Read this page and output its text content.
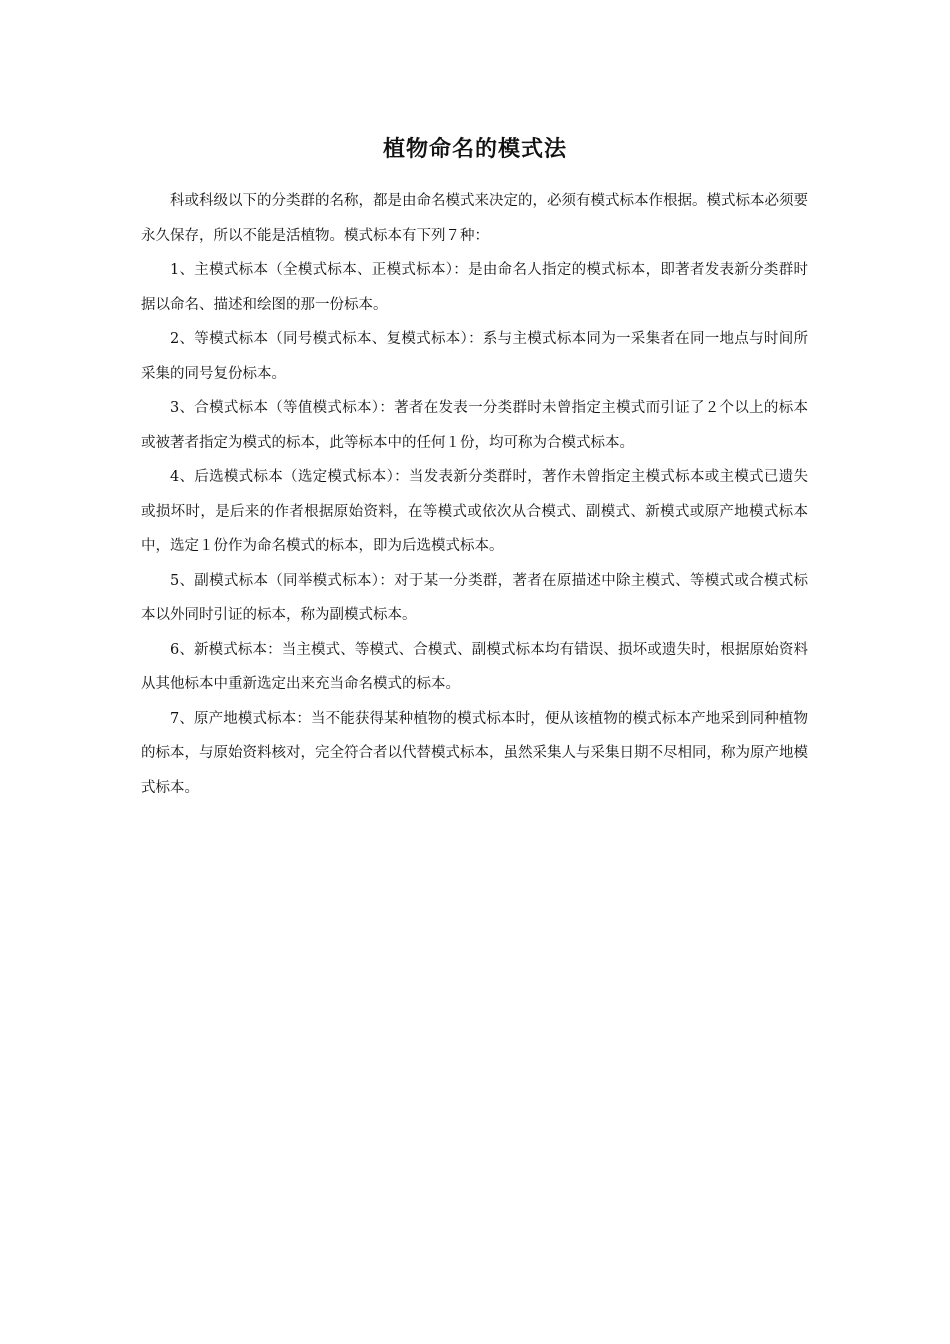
植物命名的模式法

科或科级以下的分类群的名称，都是由命名模式来决定的，必须有模式标本作根据。模式标本必须要永久保存，所以不能是活植物。模式标本有下列７种：

1、主模式标本（全模式标本、正模式标本）：是由命名人指定的模式标本，即著者发表新分类群时据以命名、描述和绘图的那一份标本。

2、等模式标本（同号模式标本、复模式标本）：系与主模式标本同为一采集者在同一地点与时间所采集的同号复份标本。

3、合模式标本（等值模式标本）：著者在发表一分类群时未曾指定主模式而引证了２个以上的标本或被著者指定为模式的标本，此等标本中的任何１份，均可称为合模式标本。

4、后选模式标本（选定模式标本）：当发表新分类群时，著作未曾指定主模式标本或主模式已遗失或损坏时，是后来的作者根据原始资料，在等模式或依次从合模式、副模式、新模式或原产地模式标本中，选定１份作为命名模式的标本，即为后选模式标本。

5、副模式标本（同举模式标本）：对于某一分类群，著者在原描述中除主模式、等模式或合模式标本以外同时引证的标本，称为副模式标本。

6、新模式标本：当主模式、等模式、合模式、副模式标本均有错误、损坏或遗失时，根据原始资料从其他标本中重新选定出来充当命名模式的标本。

7、原产地模式标本：当不能获得某种植物的模式标本时，便从该植物的模式标本产地采到同种植物的标本，与原始资料核对，完全符合者以代替模式标本，虽然采集人与采集日期不尽相同，称为原产地模式标本。
